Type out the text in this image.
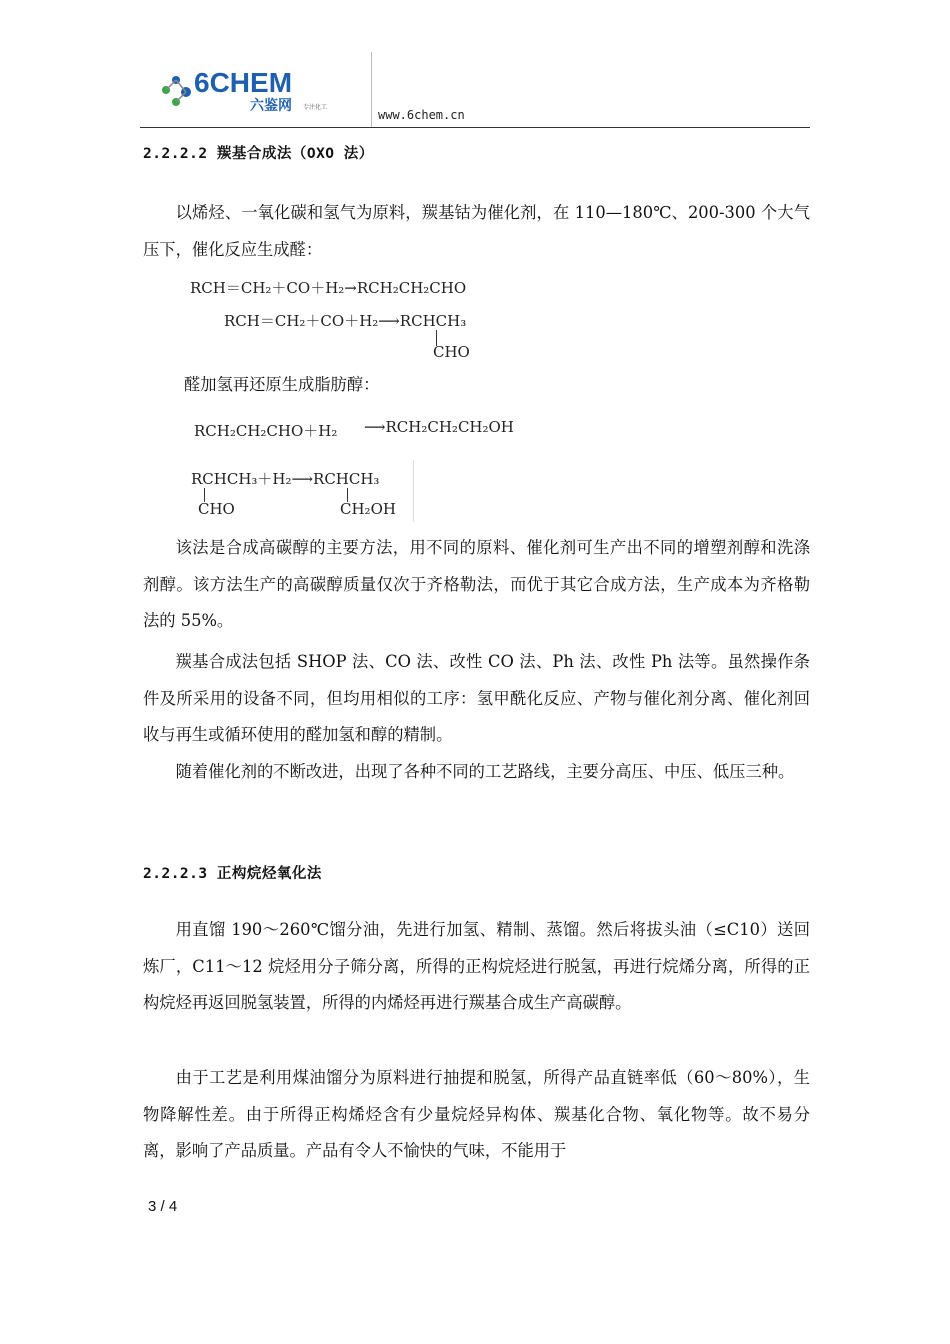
6CHEM
六鉴网 专注化工
www.6chem.cn
2.2.2.2 羰基合成法（OXO 法）
以烯烃、一氧化碳和氢气为原料，羰基钴为催化剂，在 110—180℃、200-300 个大气压下，催化反应生成醛：
RCH＝CH₂＋CO＋H₂→RCH₂CH₂CHO
RCH＝CH₂＋CO＋H₂⟶RCHCH₃
CHO
醛加氢再还原生成脂肪醇：
RCH₂CH₂CHO＋H₂ ⟶RCH₂CH₂CH₂OH
RCHCH₃＋H₂⟶RCHCH₃
CHO	CH₂OH
该法是合成高碳醇的主要方法，用不同的原料、催化剂可生产出不同的增塑剂醇和洗涤剂醇。该方法生产的高碳醇质量仅次于齐格勒法，而优于其它合成方法，生产成本为齐格勒法的 55%。
羰基合成法包括 SHOP 法、CO 法、改性 CO 法、Ph 法、改性 Ph 法等。虽然操作条件及所采用的设备不同，但均用相似的工序：氢甲酰化反应、产物与催化剂分离、催化剂回收与再生或循环使用的醛加氢和醇的精制。
随着催化剂的不断改进，出现了各种不同的工艺路线，主要分高压、中压、低压三种。
2.2.2.3 正构烷烃氧化法
用直馏 190～260℃馏分油，先进行加氢、精制、蒸馏。然后将拔头油（≤C10）送回炼厂，C11～12 烷烃用分子筛分离，所得的正构烷烃进行脱氢，再进行烷烯分离，所得的正构烷烃再返回脱氢装置，所得的内烯烃再进行羰基合成生产高碳醇。
由于工艺是利用煤油馏分为原料进行抽提和脱氢，所得产品直链率低（60～80%），生物降解性差。由于所得正构烯烃含有少量烷烃异构体、羰基化合物、氧化物等。故不易分离，影响了产品质量。产品有令人不愉快的气味，不能用于
3 / 4
